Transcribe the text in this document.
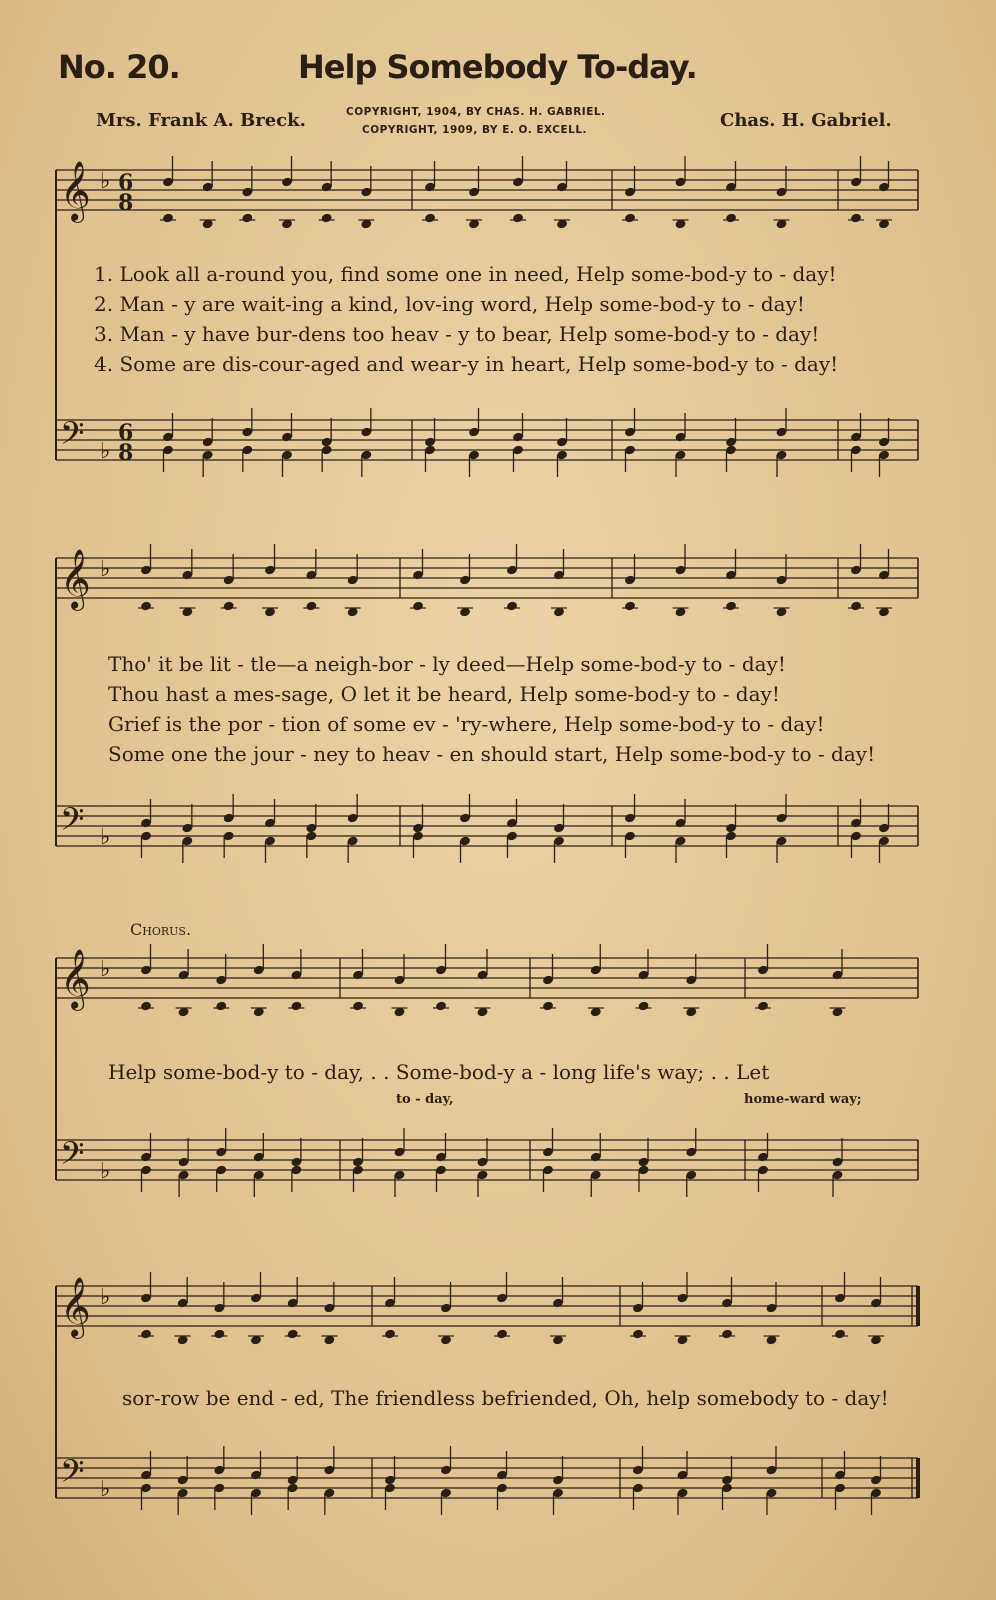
No. 20.	Help Somebody To-day.
Mrs. Frank A. Breck.	COPYRIGHT, 1904, BY CHAS. H. GABRIEL.
COPYRIGHT, 1909, BY E. O. EXCELL.	Chas. H. Gabriel.
𝄞 ♭ 6
8
𝄢 ♭
6
8
𝄞 ♭
𝄢 ♭
𝄞 ♭
𝄢 ♭
𝄞 ♭
𝄢 ♭
1. Look all a-round you, find some one in need, Help some-bod-y to - day!
2. Man - y are wait-ing a kind, lov-ing word, Help some-bod-y to - day!
3. Man - y have bur-dens too heav - y to bear, Help some-bod-y to - day!
4. Some are dis-cour-aged and wear-y in heart, Help some-bod-y to - day!
Tho' it be lit - tle—a neigh-bor - ly deed—Help some-bod-y to - day!
Thou hast a mes-sage, O let it be heard, Help some-bod-y to - day!
Grief is the por - tion of some ev - 'ry-where, Help some-bod-y to - day!
Some one the jour - ney to heav - en should start, Help some-bod-y to - day!
Chorus.
Help some-bod-y to - day, . . Some-bod-y a - long life's way; . . Let
to - day,	home-ward way;
sor-row be end - ed, The friendless befriended, Oh, help somebody to - day!
